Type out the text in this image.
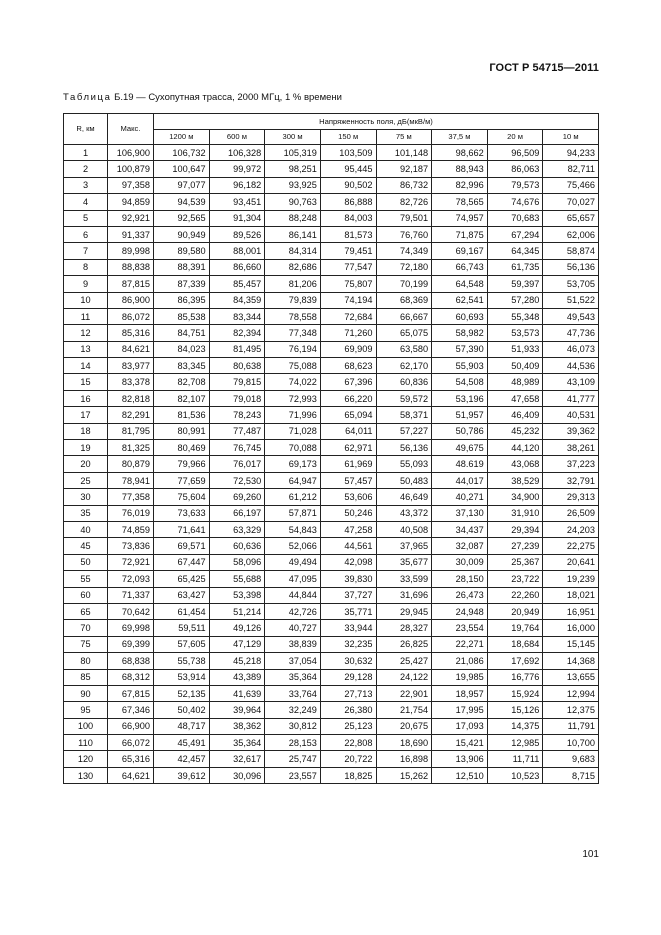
ГОСТ Р 54715—2011
Таблица Б.19 — Сухопутная трасса, 2000 МГц, 1 % времени
R, км	Макс.	Напряженность поля, дБ(мкВ/м)							
		1200 м	600 м	300 м	150 м	75 м	37,5 м	20 м	10 м
1	106,900	106,732	106,328	105,319	103,509	101,148	98,662	96,509	94,233
2	100,879	100,647	99,972	98,251	95,445	92,187	88,943	86,063	82,711
3	97,358	97,077	96,182	93,925	90,502	86,732	82,996	79,573	75,466
4	94,859	94,539	93,451	90,763	86,888	82,726	78,565	74,676	70,027
5	92,921	92,565	91,304	88,248	84,003	79,501	74,957	70,683	65,657
6	91,337	90,949	89,526	86,141	81,573	76,760	71,875	67,294	62,006
7	89,998	89,580	88,001	84,314	79,451	74,349	69,167	64,345	58,874
8	88,838	88,391	86,660	82,686	77,547	72,180	66,743	61,735	56,136
9	87,815	87,339	85,457	81,206	75,807	70,199	64,548	59,397	53,705
10	86,900	86,395	84,359	79,839	74,194	68,369	62,541	57,280	51,522
11	86,072	85,538	83,344	78,558	72,684	66,667	60,693	55,348	49,543
12	85,316	84,751	82,394	77,348	71,260	65,075	58,982	53,573	47,736
13	84,621	84,023	81,495	76,194	69,909	63,580	57,390	51,933	46,073
14	83,977	83,345	80,638	75,088	68,623	62,170	55,903	50,409	44,536
15	83,378	82,708	79,815	74,022	67,396	60,836	54,508	48,989	43,109
16	82,818	82,107	79,018	72,993	66,220	59,572	53,196	47,658	41,777
17	82,291	81,536	78,243	71,996	65,094	58,371	51,957	46,409	40,531
18	81,795	80,991	77,487	71,028	64,011	57,227	50,786	45,232	39,362
19	81,325	80,469	76,745	70,088	62,971	56,136	49,675	44,120	38,261
20	80,879	79,966	76,017	69,173	61,969	55,093	48.619	43,068	37,223
25	78,941	77,659	72,530	64,947	57,457	50,483	44,017	38,529	32,791
30	77,358	75,604	69,260	61,212	53,606	46,649	40,271	34,900	29,313
35	76,019	73,633	66,197	57,871	50,246	43,372	37,130	31,910	26,509
40	74,859	71,641	63,329	54,843	47,258	40,508	34,437	29,394	24,203
45	73,836	69,571	60,636	52,066	44,561	37,965	32,087	27,239	22,275
50	72,921	67,447	58,096	49,494	42,098	35,677	30,009	25,367	20,641
55	72,093	65,425	55,688	47,095	39,830	33,599	28,150	23,722	19,239
60	71,337	63,427	53,398	44,844	37,727	31,696	26,473	22,260	18,021
65	70,642	61,454	51,214	42,726	35,771	29,945	24,948	20,949	16,951
70	69,998	59,511	49,126	40,727	33,944	28,327	23,554	19,764	16,000
75	69,399	57,605	47,129	38,839	32,235	26,825	22,271	18,684	15,145
80	68,838	55,738	45,218	37,054	30,632	25,427	21,086	17,692	14,368
85	68,312	53,914	43,389	35,364	29,128	24,122	19,985	16,776	13,655
90	67,815	52,135	41,639	33,764	27,713	22,901	18,957	15,924	12,994
95	67,346	50,402	39,964	32,249	26,380	21,754	17,995	15,126	12,375
100	66,900	48,717	38,362	30,812	25,123	20,675	17,093	14,375	11,791
110	66,072	45,491	35,364	28,153	22,808	18,690	15,421	12,985	10,700
120	65,316	42,457	32,617	25,747	20,722	16,898	13,906	11,711	9,683
130	64,621	39,612	30,096	23,557	18,825	15,262	12,510	10,523	8,715
101
